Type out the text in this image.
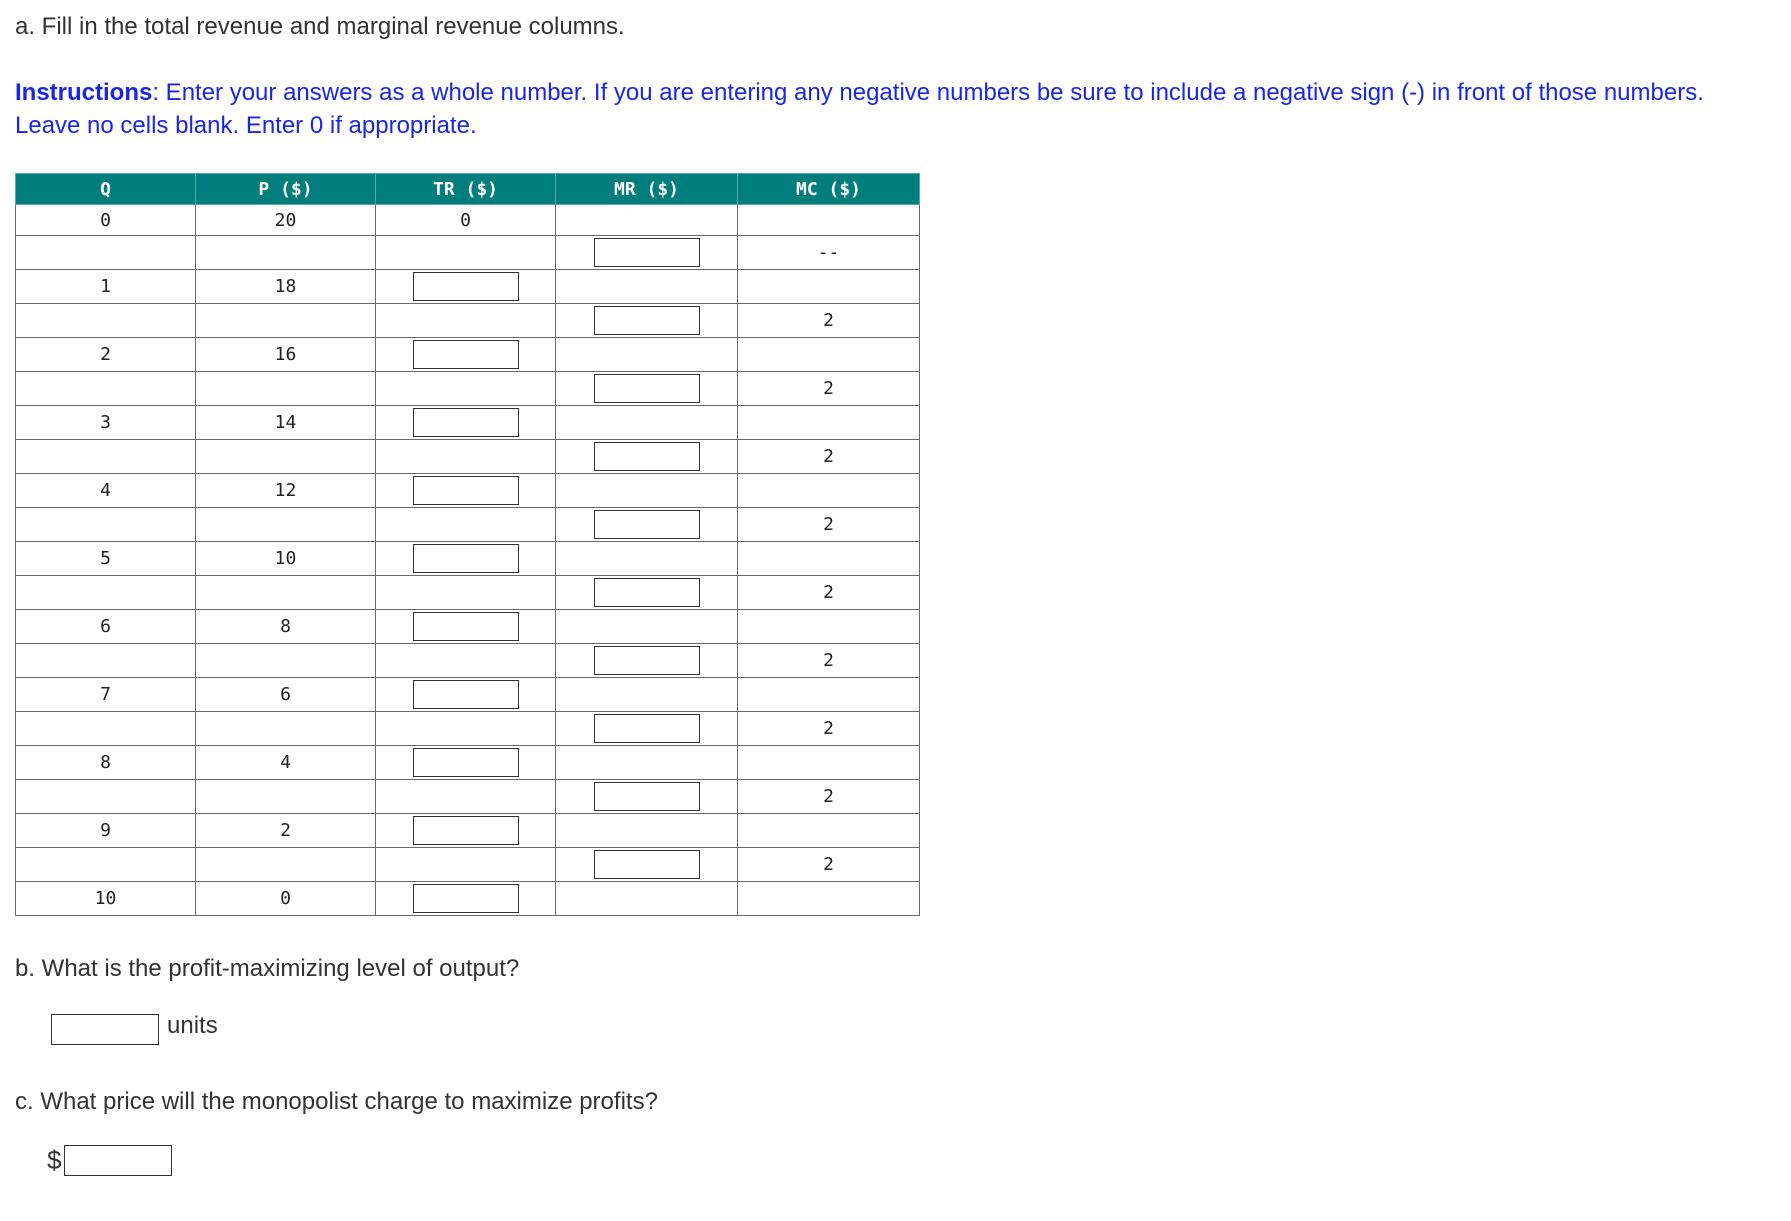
a. Fill in the total revenue and marginal revenue columns.

Instructions: Enter your answers as a whole number. If you are entering any negative numbers be sure to include a negative sign (-) in front of those numbers. Leave no cells blank. Enter 0 if appropriate.

Q	P ($)	TR ($)	MR ($)	MC ($)
0	20	0		
				--
1	18			
				2
2	16			
				2
3	14			
				2
4	12			
				2
5	10			
				2
6	8			
				2
7	6			
				2
8	4			
				2
9	2			
				2
10	0			

b. What is the profit-maximizing level of output?

units

c. What price will the monopolist charge to maximize profits?

$
